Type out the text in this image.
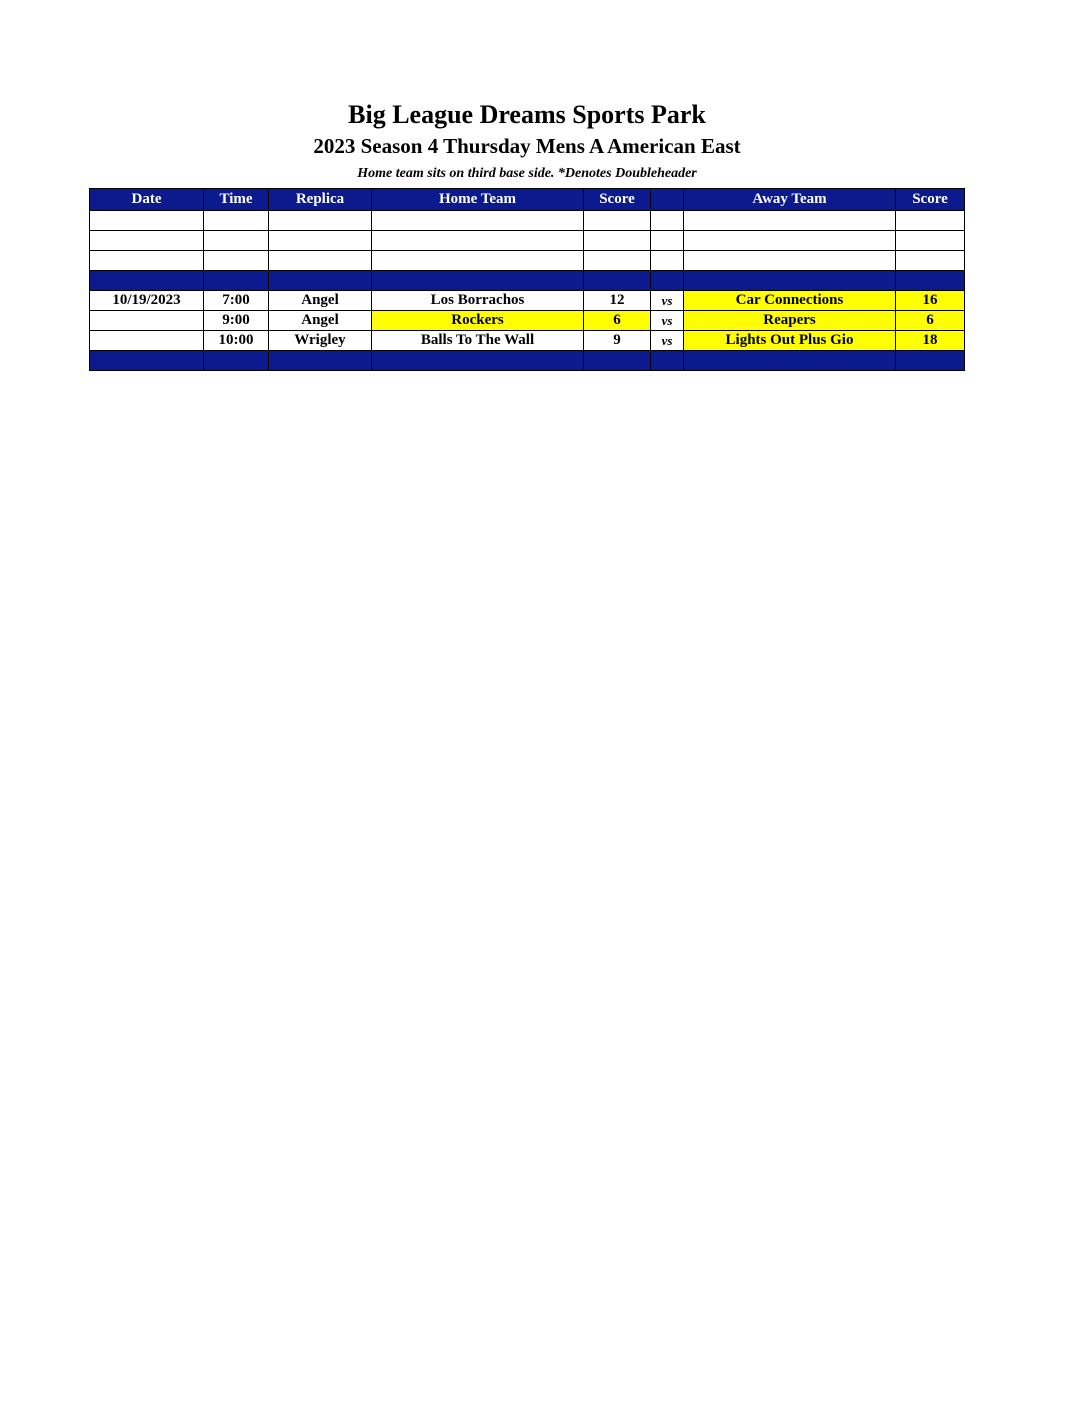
Big League Dreams Sports Park
2023 Season 4 Thursday Mens A American East

Home team sits on third base side. *Denotes Doubleheader

Date	Time	Replica	Home Team	Score		Away Team	Score

10/19/2023	7:00	Angel	Los Borrachos	12	vs	Car Connections	16
	9:00	Angel	Rockers	6	vs	Reapers	6
	10:00	Wrigley	Balls To The Wall	9	vs	Lights Out Plus Gio	18
